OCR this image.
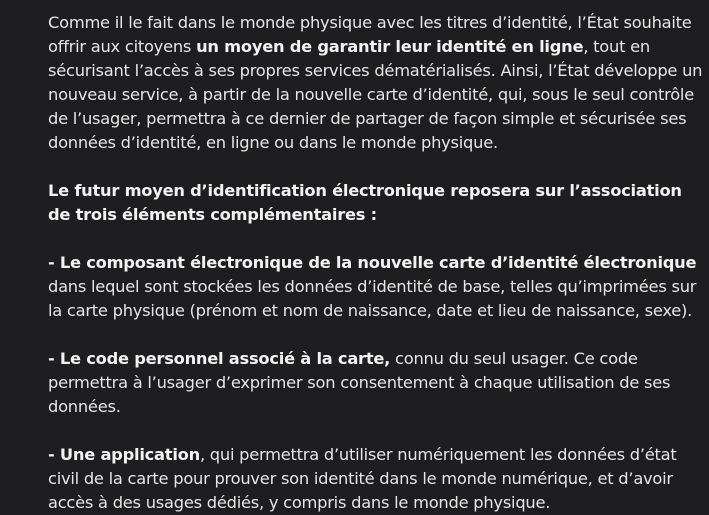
Comme il le fait dans le monde physique avec les titres d’identité, l’État souhaite offrir aux citoyens un moyen de garantir leur identité en ligne, tout en sécurisant l’accès à ses propres services dématérialisés. Ainsi, l’État développe un nouveau service, à partir de la nouvelle carte d’identité, qui, sous le seul contrôle de l’usager, permettra à ce dernier de partager de façon simple et sécurisée ses données d’identité, en ligne ou dans le monde physique.

Le futur moyen d’identification électronique reposera sur l’association de trois éléments complémentaires :

- Le composant électronique de la nouvelle carte d’identité électronique dans lequel sont stockées les données d’identité de base, telles qu’imprimées sur la carte physique (prénom et nom de naissance, date et lieu de naissance, sexe).

- Le code personnel associé à la carte, connu du seul usager. Ce code permettra à l’usager d’exprimer son consentement à chaque utilisation de ses données.

- Une application, qui permettra d’utiliser numériquement les données d’état civil de la carte pour prouver son identité dans le monde numérique, et d’avoir accès à des usages dédiés, y compris dans le monde physique.
